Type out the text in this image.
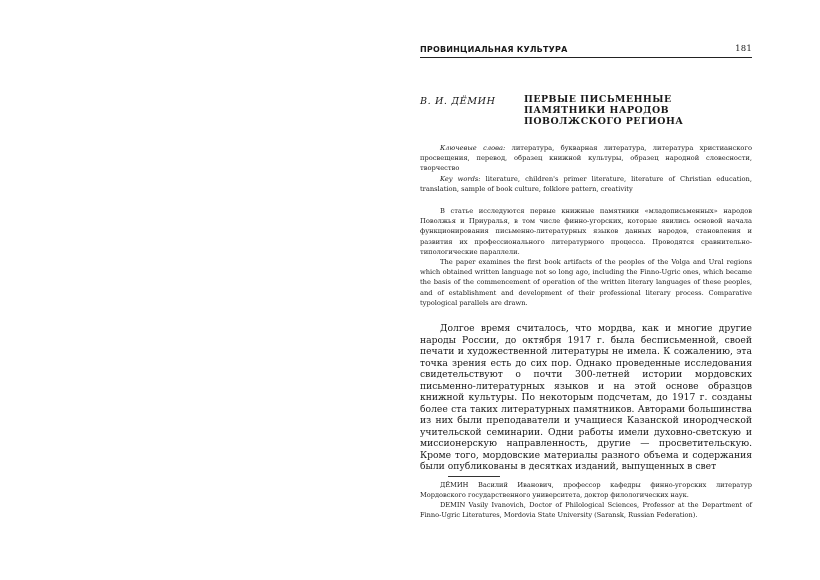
ПРОВИНЦИАЛЬНАЯ КУЛЬТУРА	181
В. И. ДЁМИН	ПЕРВЫЕ ПИСЬМЕННЫЕ
ПАМЯТНИКИ НАРОДОВ
ПОВОЛЖСКОГО РЕГИОНА
Ключевые слова: литература, букварная литература, литература христианского просвещения, перевод, образец книжной культуры, образец народной словесности, творчество
Key words: literature, children's primer literature, literature of Christian education, translation, sample of book culture, folklore pattern, creativity

В статье исследуются первые книжные памятники «младописьменных» народов Поволжья и Приуралья, в том числе финно-угорских, которые явились основой начала функционирования письменно-литературных языков данных народов, становления и развития их профессионального литературного процесса. Проводятся сравнительно-типологические параллели.

The paper examines the first book artifacts of the peoples of the Volga and Ural regions which obtained written language not so long ago, including the Finno-Ugric ones, which became the basis of the commencement of operation of the written literary languages of these peoples, and of establishment and development of their professional literary process. Comparative typological parallels are drawn.

Долгое время считалось, что мордва, как и многие другие народы России, до октября 1917 г. была бесписьменной, своей печати и художественной литературы не имела. К сожалению, эта точка зрения есть до сих пор. Однако проведенные исследования свидетельствуют о почти 300-летней истории мордовских письменно-литературных языков и на этой основе образцов книжной культуры. По некоторым подсчетам, до 1917 г. созданы более ста таких литературных памятников. Авторами большинства из них были преподаватели и учащиеся Казанской инородческой учительской семинарии. Одни работы имели духовно-светскую и миссионерскую направленность, другие — просветительскую. Кроме того, мордовские материалы разного объема и содержания были опубликованы в десятках изданий, выпущенных в свет

ДЁМИН Василий Иванович, профессор кафедры финно-угорских литератур Мордовского государственного университета, доктор филологических наук.

DEMIN Vasily Ivanovich, Doctor of Philological Sciences, Professor at the Department of Finno-Ugric Literatures, Mordovia State University (Saransk, Russian Federation).
